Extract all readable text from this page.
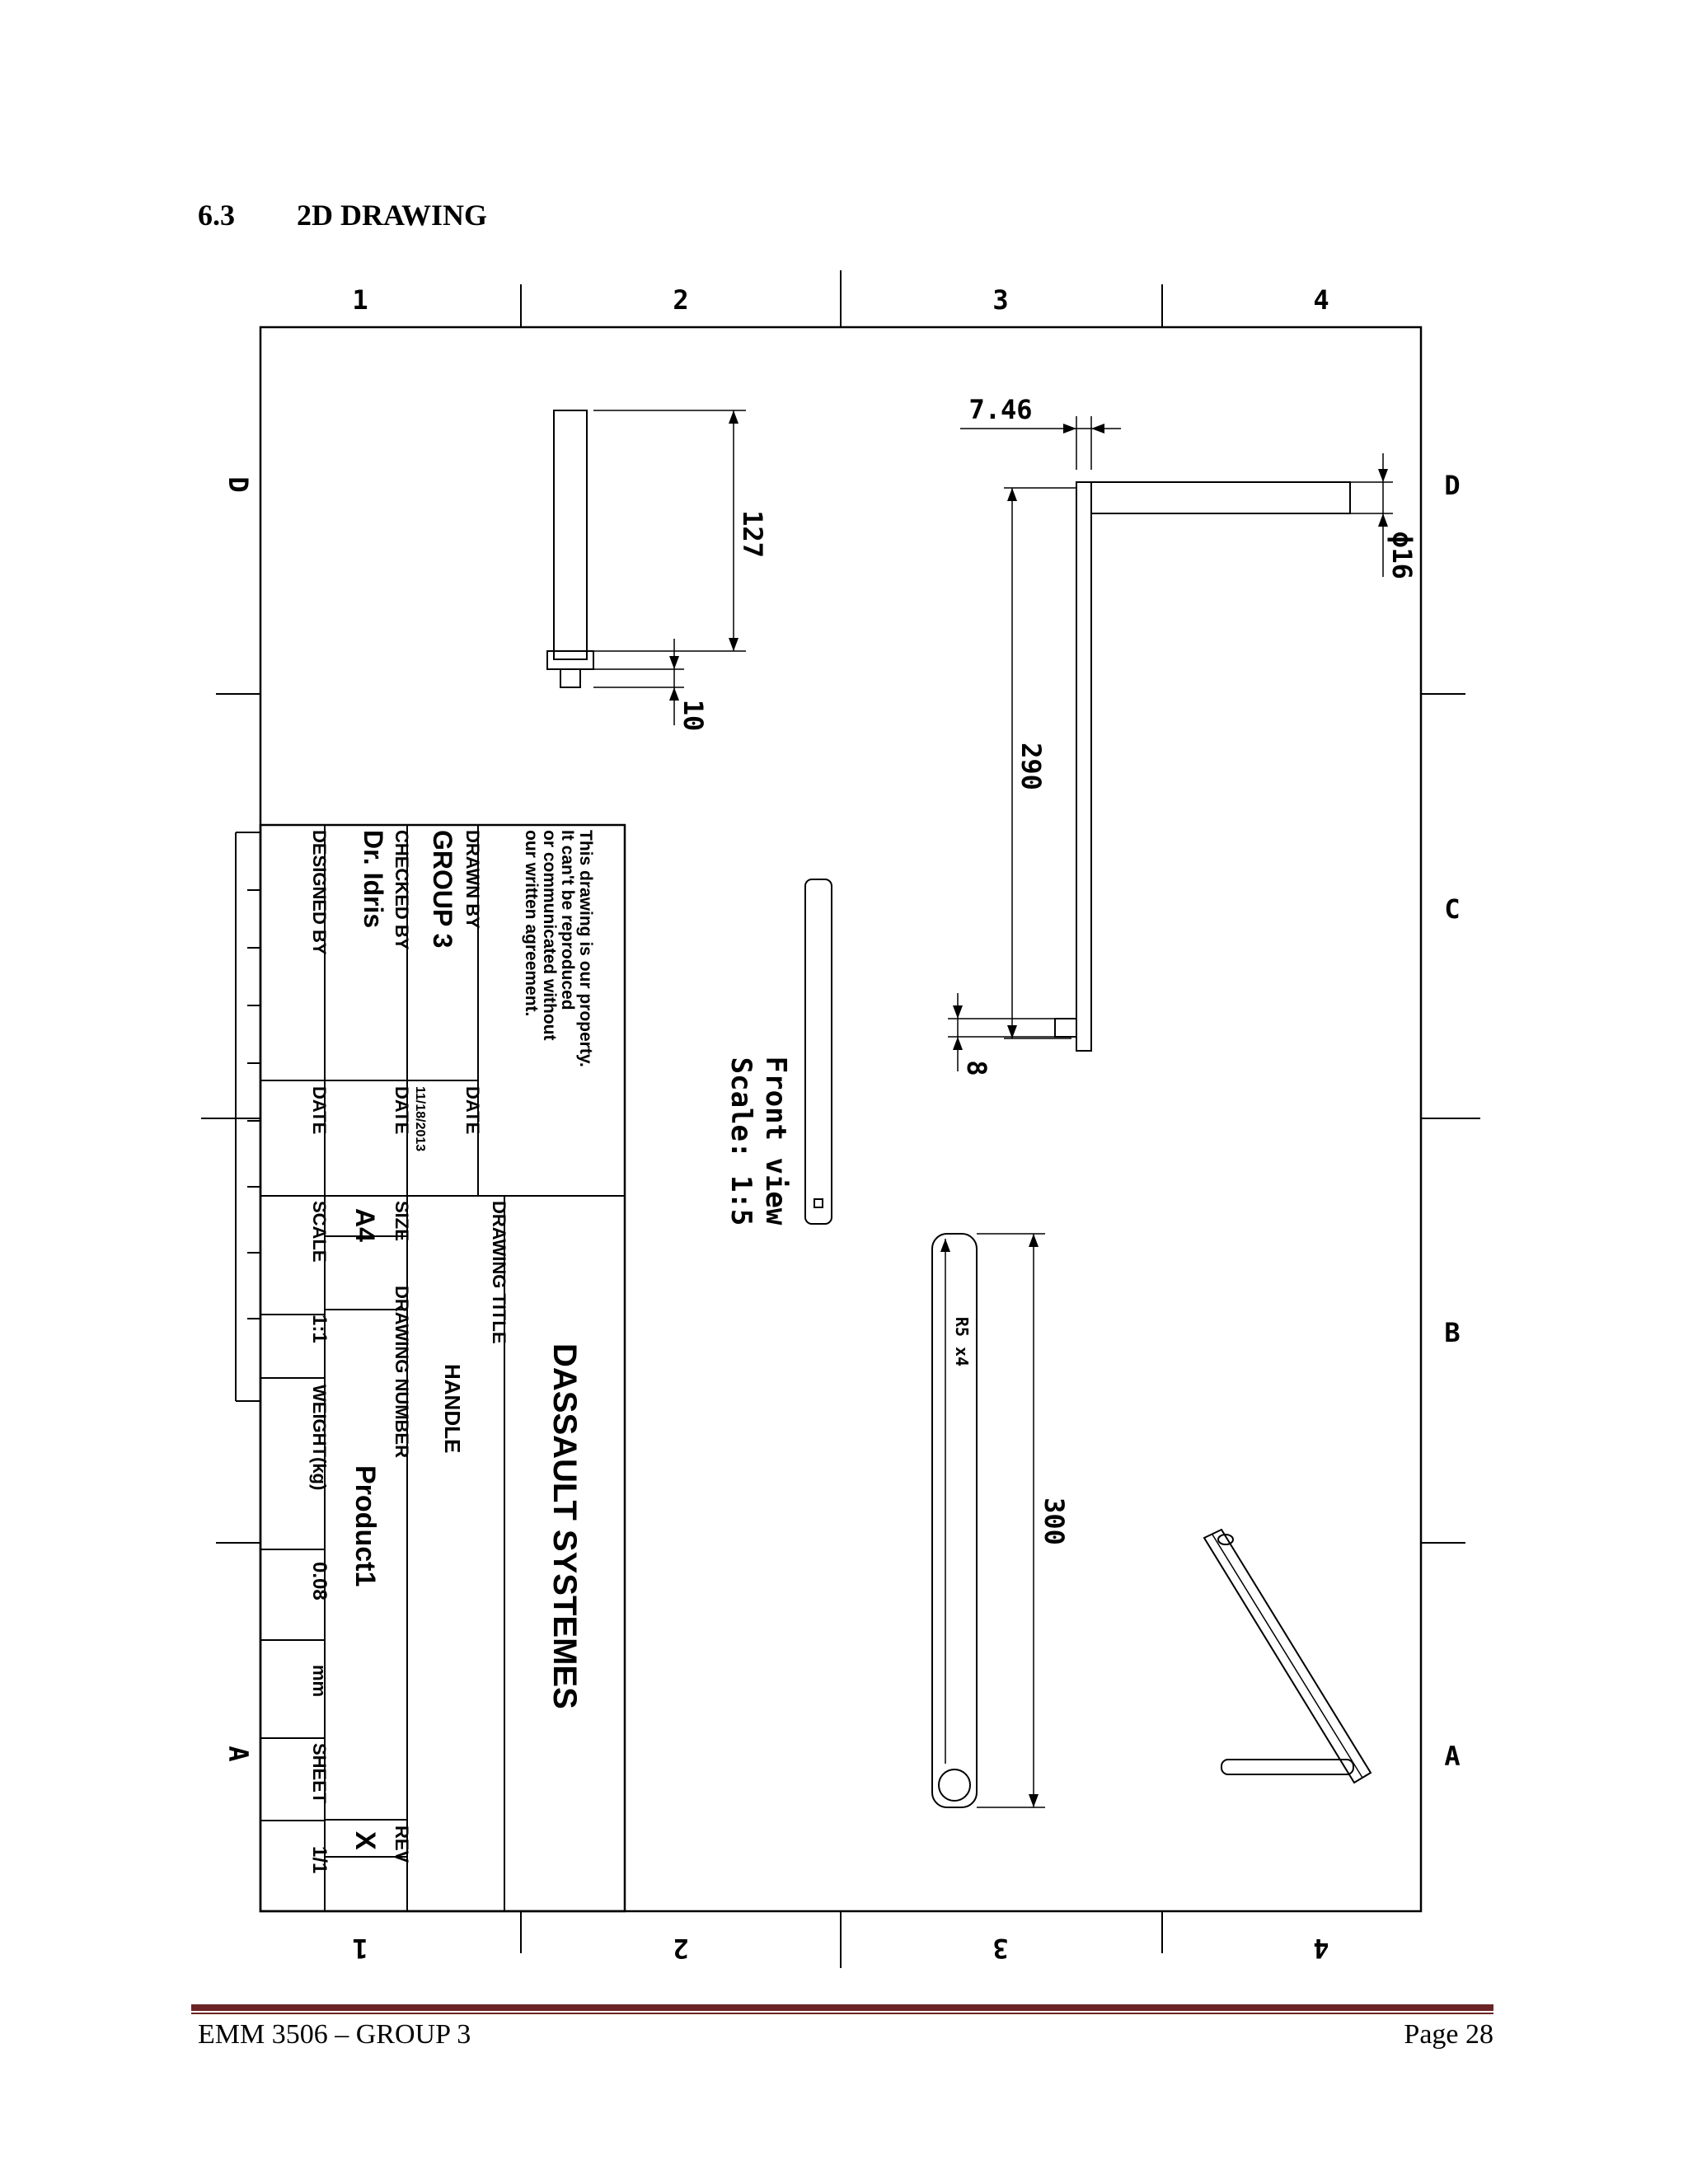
6.3 2D DRAWING
1	2	3	4
1	2	3	4
D
C
B
A
D
A
127
10
7.46
ϕ16
290
8
300
R5 x4
Front view
Scale: 1:5
This drawing is our property.
It can't be reproduced
or communicated without
our written agreement.
DRAWN BY
GROUP 3
DATE
CHECKED BY
Dr. Idris
DATE 11/18/2013
DESIGNED BY
DATE
DASSAULT SYSTEMES
DRAWING TITLE
HANDLE
SIZE
A4
DRAWING NUMBER
Product1
REV
X
SCALE
1:1
WEIGHT(kg)
0.08
mm
SHEET
1/1
EMM 3506 – GROUP 3	Page 28
